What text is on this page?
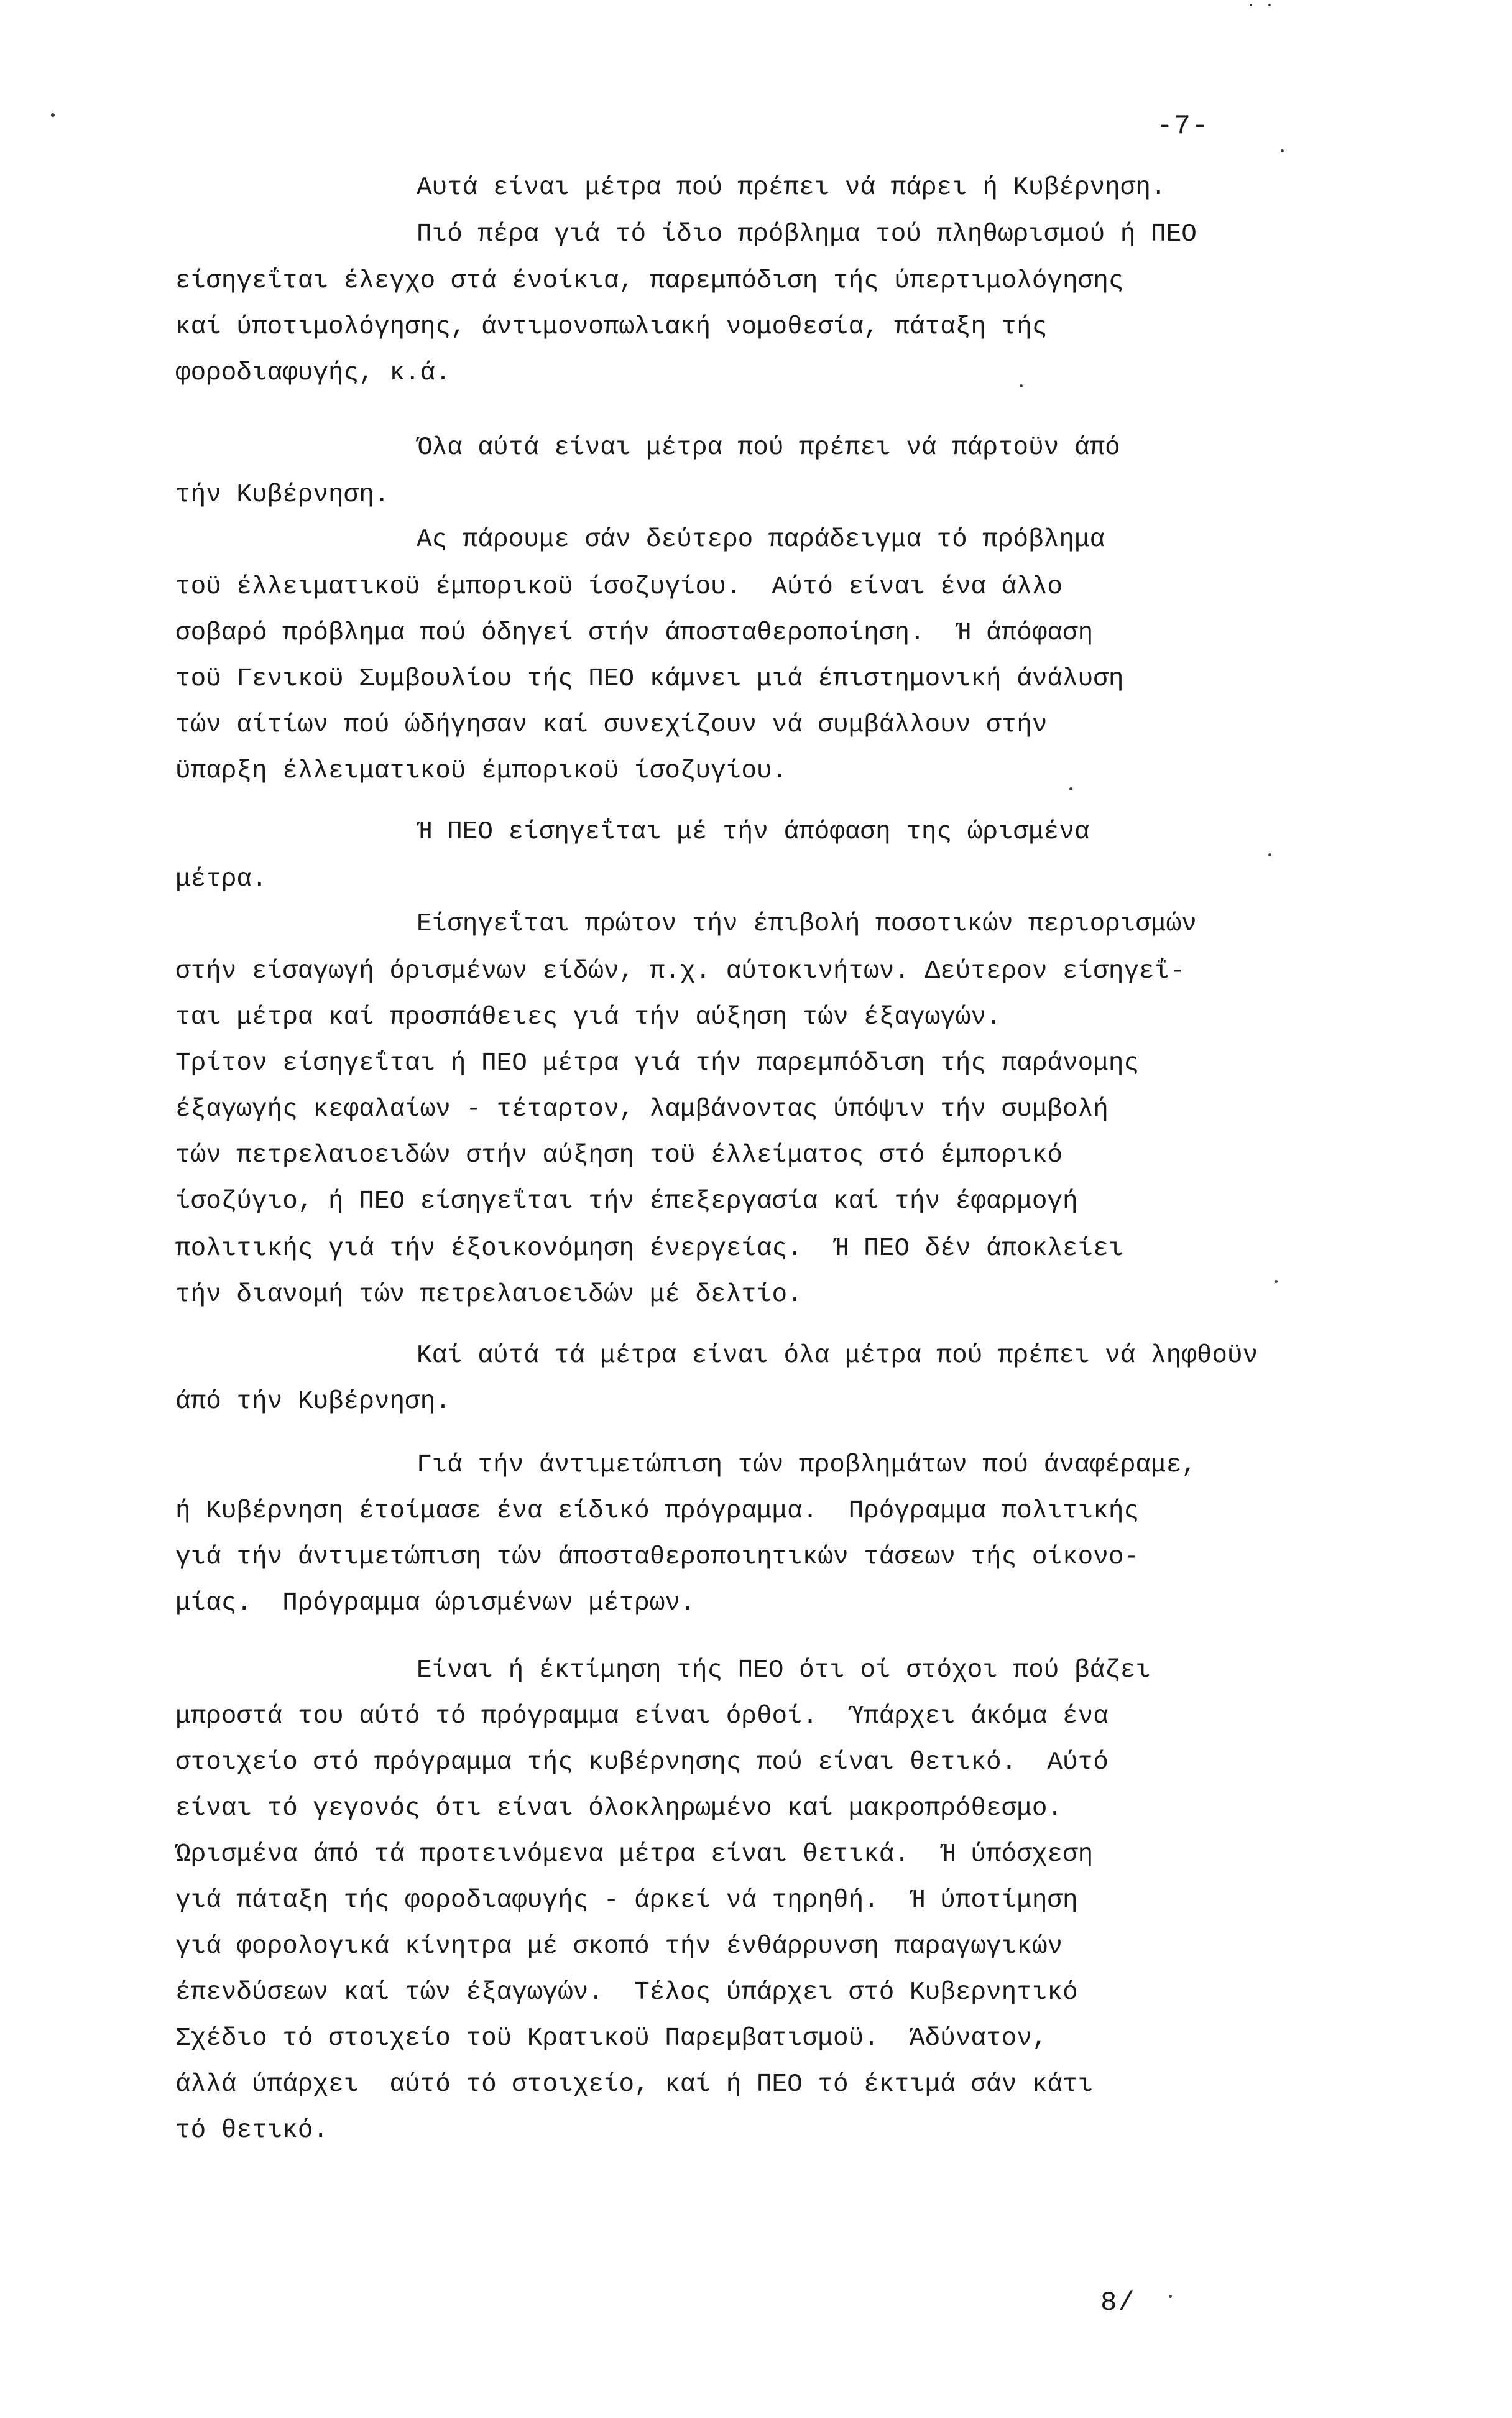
-7-
Αυτά είναι μέτρα πού πρέπει νά πάρει ή Κυβέρνηση.
Πιό πέρα γιά τό ίδιο πρόβλημα τού πληθωρισμού ή ΠΕΟ
είσηγεΐται έλεγχο στά ένοίκια, παρεμπόδιση τής ύπερτιμολόγησης
καί ύποτιμολόγησης, άντιμονοπωλιακή νομοθεσία, πάταξη τής
φοροδιαφυγής, κ.ά.
Όλα αύτά είναι μέτρα πού πρέπει νά πάρτοϋν άπό
τήν Κυβέρνηση.
Ας πάρουμε σάν δεύτερο παράδειγμα τό πρόβλημα
τοϋ έλλειματικοϋ έμπορικοϋ ίσοζυγίου.  Αύτό είναι ένα άλλο
σοβαρό πρόβλημα πού όδηγεί στήν άποσταθεροποίηση.  Ή άπόφαση
τοϋ Γενικοϋ Συμβουλίου τής ΠΕΟ κάμνει μιά έπιστημονική άνάλυση
τών αίτίων πού ώδήγησαν καί συνεχίζουν νά συμβάλλουν στήν
ϋπαρξη έλλειματικοϋ έμπορικοϋ ίσοζυγίου.
Ή ΠΕΟ είσηγεΐται μέ τήν άπόφαση της ώρισμένα
μέτρα.
Είσηγεΐται πρώτον τήν έπιβολή ποσοτικών περιορισμών
στήν είσαγωγή όρισμένων είδών, π.χ. αύτοκινήτων. Δεύτερον είσηγεΐ-
ται μέτρα καί προσπάθειες γιά τήν αύξηση τών έξαγωγών.
Τρίτον είσηγεΐται ή ΠΕΟ μέτρα γιά τήν παρεμπόδιση τής παράνομης
έξαγωγής κεφαλαίων - τέταρτον, λαμβάνοντας ύπόψιν τήν συμβολή
τών πετρελαιοειδών στήν αύξηση τοϋ έλλείματος στό έμπορικό
ίσοζύγιο, ή ΠΕΟ είσηγεΐται τήν έπεξεργασία καί τήν έφαρμογή
πολιτικής γιά τήν έξοικονόμηση ένεργείας.  Ή ΠΕΟ δέν άποκλείει
τήν διανομή τών πετρελαιοειδών μέ δελτίο.
Καί αύτά τά μέτρα είναι όλα μέτρα πού πρέπει νά ληφθοϋν
άπό τήν Κυβέρνηση.
Γιά τήν άντιμετώπιση τών προβλημάτων πού άναφέραμε,
ή Κυβέρνηση έτοίμασε ένα είδικό πρόγραμμα.  Πρόγραμμα πολιτικής
γιά τήν άντιμετώπιση τών άποσταθεροποιητικών τάσεων τής οίκονο-
μίας.  Πρόγραμμα ώρισμένων μέτρων.
Είναι ή έκτίμηση τής ΠΕΟ ότι οί στόχοι πού βάζει
μπροστά του αύτό τό πρόγραμμα είναι όρθοί.  Ύπάρχει άκόμα ένα
στοιχείο στό πρόγραμμα τής κυβέρνησης πού είναι θετικό.  Αύτό
είναι τό γεγονός ότι είναι όλοκληρωμένο καί μακροπρόθεσμο.
Ώρισμένα άπό τά προτεινόμενα μέτρα είναι θετικά.  Ή ύπόσχεση
γιά πάταξη τής φοροδιαφυγής - άρκεί νά τηρηθή.  Ή ύποτίμηση
γιά φορολογικά κίνητρα μέ σκοπό τήν ένθάρρυνση παραγωγικών
έπενδύσεων καί τών έξαγωγών.  Τέλος ύπάρχει στό Κυβερνητικό
Σχέδιο τό στοιχείο τοϋ Κρατικοϋ Παρεμβατισμοϋ.  Άδύνατον,
άλλά ύπάρχει  αύτό τό στοιχείο, καί ή ΠΕΟ τό έκτιμά σάν κάτι
τό θετικό.
8/
